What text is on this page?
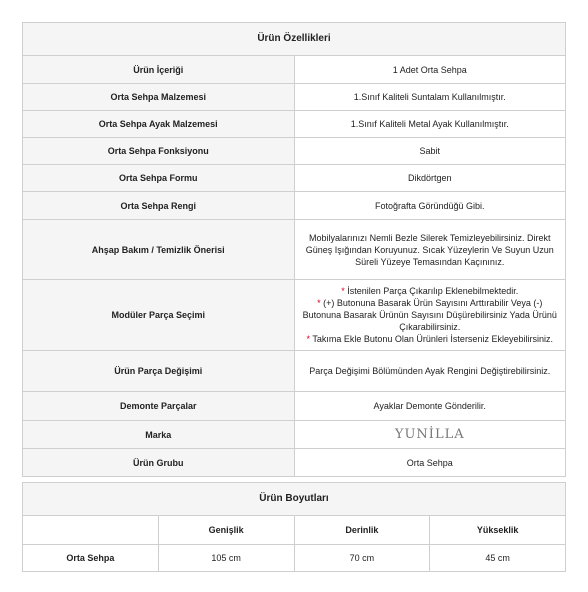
Ürün Özellikleri	
Ürün İçeriği	1 Adet Orta Sehpa
Orta Sehpa Malzemesi	1.Sınıf Kaliteli Suntalam Kullanılmıştır.
Orta Sehpa Ayak Malzemesi	1.Sınıf Kaliteli Metal Ayak Kullanılmıştır.
Orta Sehpa Fonksiyonu	Sabit
Orta Sehpa Formu	Dikdörtgen
Orta Sehpa Rengi	Fotoğrafta Göründüğü Gibi.
Ahşap Bakım / Temizlik Önerisi	Mobilyalarınızı Nemli Bezle Silerek Temizleyebilirsiniz. Direkt Güneş Işığından Koruyunuz. Sıcak Yüzeylerin Ve Suyun Uzun Süreli Yüzeye Temasından Kaçınınız.
Modüler Parça Seçimi	* İstenilen Parça Çıkarılıp Eklenebilmektedir.
* (+) Butonuna Basarak Ürün Sayısını Arttırabilir Veya (-) Butonuna Basarak Ürünün Sayısını Düşürebilirsiniz Yada Ürünü Çıkarabilirsiniz.
* Takıma Ekle Butonu Olan Ürünleri İsterseniz Ekleyebilirsiniz.

Ürün Parça Değişimi	Parça Değişimi Bölümünden Ayak Rengini Değiştirebilirsiniz.
Demonte Parçalar	Ayaklar Demonte Gönderilir.
Marka	YUNİLLA
Ürün Grubu	Orta Sehpa
Ürün Boyutları			
	Genişlik	Derinlik	Yükseklik
Orta Sehpa	105 cm	70 cm	45 cm
